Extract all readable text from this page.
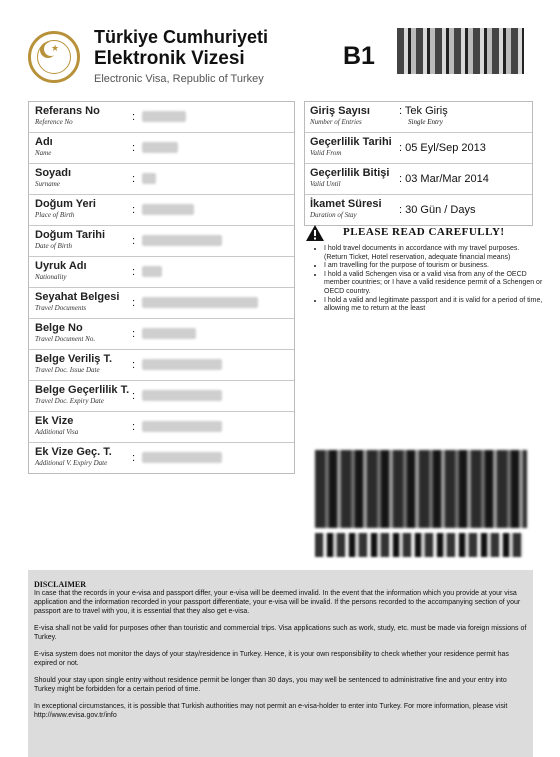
★
Türkiye Cumhuriyeti
Elektronik Vizesi
Electronic Visa, Republic of Turkey
B1
Referans No
Reference No	:
Adı
Name	:
Soyadı
Surname	:
Doğum Yeri
Place of Birth	:
Doğum Tarihi
Date of Birth	:
Uyruk Adı
Nationality	:
Seyahat Belgesi
Travel Documents	:
Belge No
Travel Document No.	:
Belge Veriliş T.
Travel Doc. Issue Date	:
Belge Geçerlilik T.
Travel Doc. Expiry Date	:
Ek Vize
Additional Visa	:
Ek Vize Geç. T.
Additional V. Expiry Date :
Giriş Sayısı
Number of Entries
: Tek Giriş
Single Entry
Geçerlilik Tarihi
Valid From	: 05 Eyl/Sep 2013
Geçerlilik Bitişi
Valid Until	: 03 Mar/Mar 2014
İkamet Süresi
Duration of Stay	: 30 Gün / Days
PLEASE READ CAREFULLY!
• I hold travel documents in accordance with my travel purposes. (Return Ticket, Hotel reservation, adequate financial means)
• I am travelling for the purpose of tourism or business.
• I hold a valid Schengen visa or a valid visa from any of the OECD member countries; or I have a valid residence permit of a Schengen or OECD country.
• I hold a valid and legitimate passport and it is valid for a period of time, allowing me to return at the least
DISCLAIMER

In case that the records in your e-visa and passport differ, your e-visa will be deemed invalid. In the event that the information which you provide at your visa application and the information recorded in your passport differentiate, your e-visa will be invalid. If the persons recorded to the accompanying section of your passport are to travel with you, it is essential that they also get e-visa.

E-visa shall not be valid for purposes other than touristic and commercial trips. Visa applications such as work, study, etc. must be made via foreign missions of Turkey.

E-visa system does not monitor the days of your stay/residence in Turkey. Hence, it is your own responsibility to check whether your residence permit has expired or not.

Should your stay upon single entry without residence permit be longer than 30 days, you may well be sentenced to administrative fine and your entry into Turkey might be forbidden for a certain period of time.

In exceptional circumstances, it is possible that Turkish authorities may not permit an e-visa-holder to enter into Turkey. For more information, please visit http://www.evisa.gov.tr/info
